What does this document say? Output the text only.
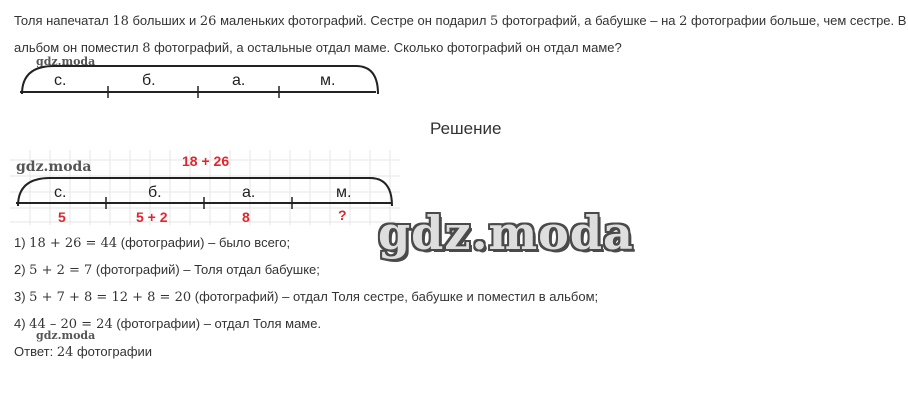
Толя напечатал 18 больших и 26 маленьких фотографий. Сестре он подарил 5 фотографий, а бабушке – на 2 фотографии больше, чем сестре. В
альбом он поместил 8 фотографий, а остальные отдал маме. Сколько фотографий он отдал маме?
gdz.moda
с.	б.	а.	м.
Решение
18 + 26
с.	б.	а.	м.
5	5 + 2	8	?
gdz.moda
gdz.moda
1) 18 + 26 = 44 (фотографии) – было всего;
2) 5 + 2 = 7 (фотографий) – Толя отдал бабушке;
3) 5 + 7 + 8 = 12 + 8 = 20 (фотографий) – отдал Толя сестре, бабушке и поместил в альбом;
4) 44 – 20 = 24 (фотографии) – отдал Толя маме.
gdz.moda
Ответ: 24 фотографии
